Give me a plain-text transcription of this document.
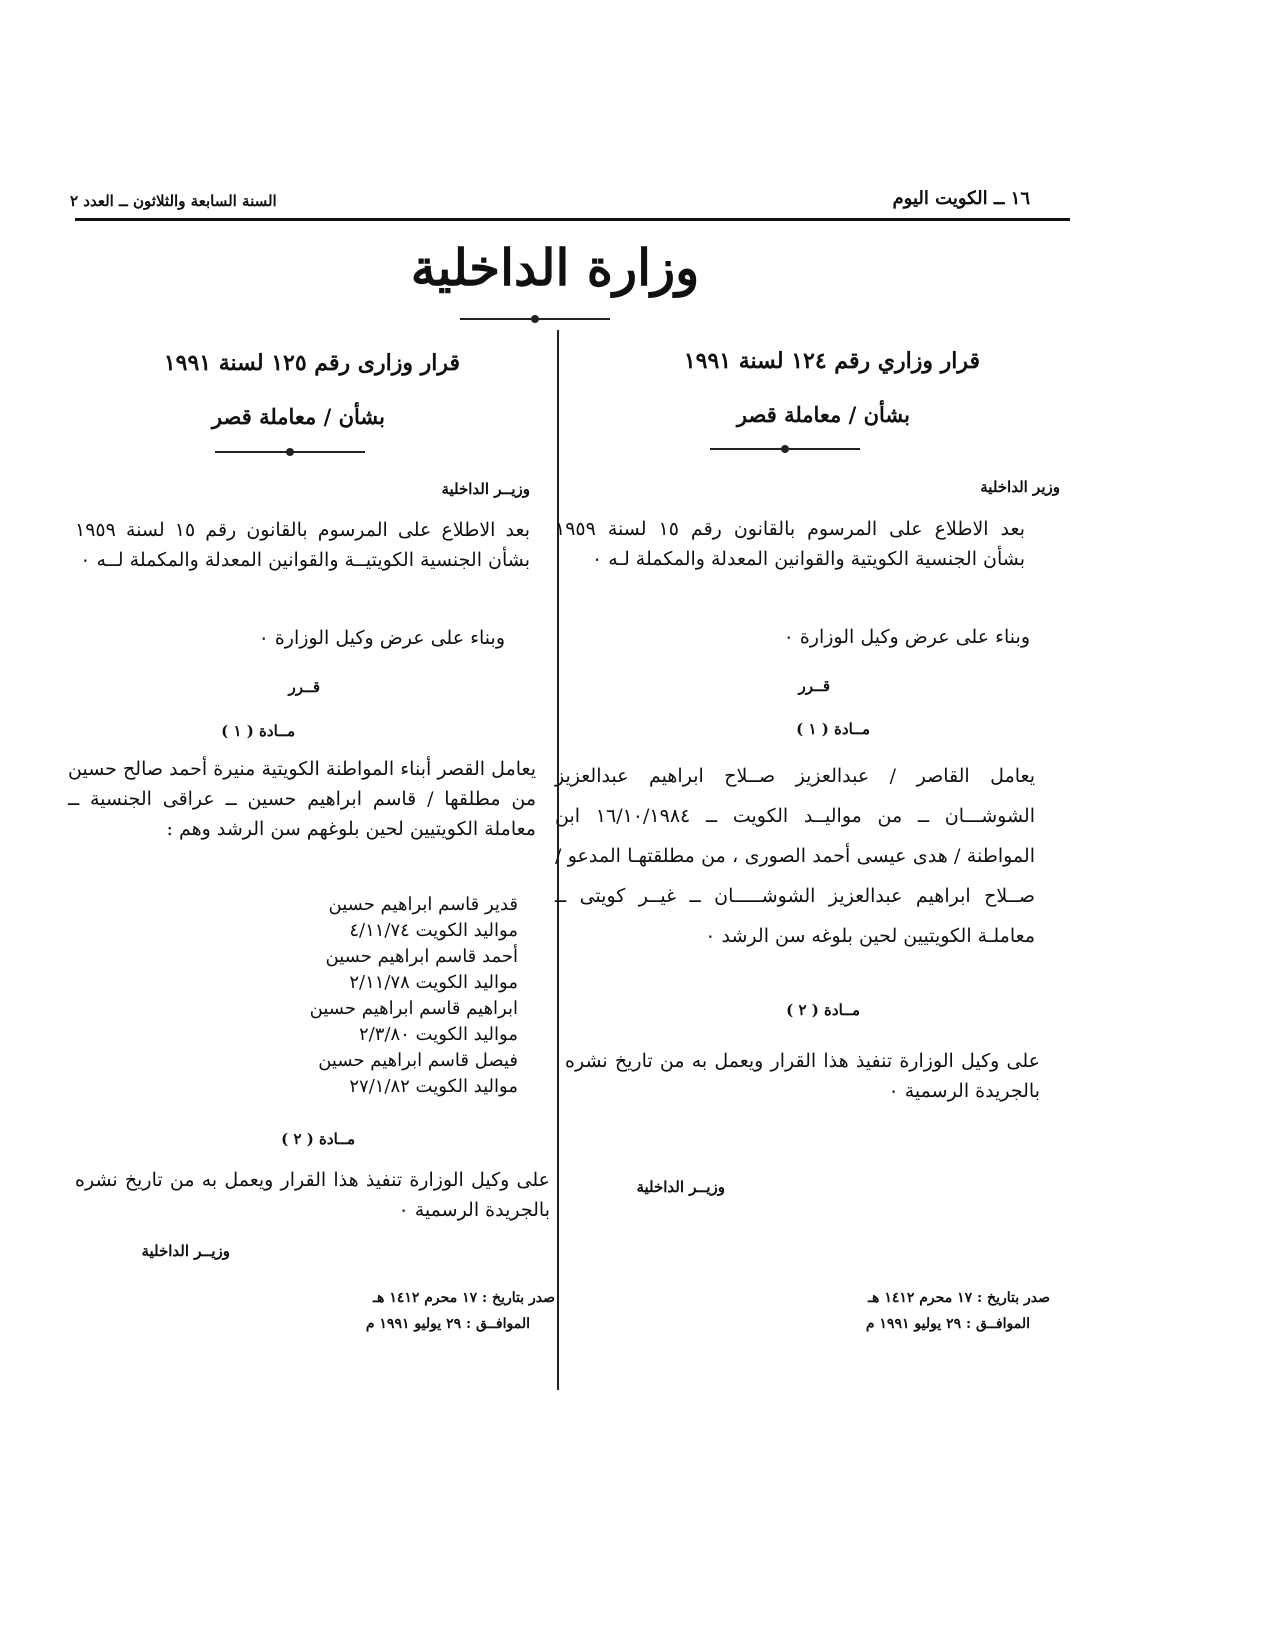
١٦ ــ الكويت اليوم
السنة السابعة والثلاثون ــ العدد ٢
وزارة الداخلية
قرار وزاري رقم ١٢٤ لسنة ١٩٩١
بشأن / معاملة قصر
وزير الداخلية
بعد الاطلاع على المرسوم بالقانون رقم ١٥ لسنة ١٩٥٩ بشأن الجنسية الكويتية والقوانين المعدلة والمكملة لـه ٠
وبناء على عرض وكيل الوزارة ٠
قــرر
مــادة ( ١ )
يعامل القاصر / عبدالعزيز صــلاح ابراهيم عبدالعزيز الشوشـــان ــ من مواليــد الكويت ــ ١٦/١٠/١٩٨٤ ابن المواطنة / هدى عيسى أحمد الصورى ، من مطلقتهـا المدعو / صــلاح ابراهيم عبدالعزيز الشوشـــــان ــ غيــر كويتى ــ معاملـة الكويتيين لحين بلوغه سن الرشد ٠
مــادة ( ٢ )
على وكيل الوزارة تنفيذ هذا القرار ويعمل به من تاريخ نشره بالجريدة الرسمية ٠
وزيــر الداخلية
صدر بتاريخ : ١٧ محرم ١٤١٢ هـ
الموافــق : ٢٩ يوليو ١٩٩١ م
قرار وزارى رقم ١٢٥ لسنة ١٩٩١
بشأن / معاملة قصر
وزيــر الداخلية
بعد الاطلاع على المرسوم بالقانون رقم ١٥ لسنة ١٩٥٩ بشأن الجنسية الكويتيــة والقوانين المعدلة والمكملة لــه ٠
وبناء على عرض وكيل الوزارة ٠
قــرر
مــادة ( ١ )
يعامل القصر أبناء المواطنة الكويتية منيرة أحمد صالح حسين من مطلقها / قاسم ابراهيم حسين ــ عراقى الجنسية ــ معاملة الكويتيين لحين بلوغهم سن الرشد وهم :
قدير قاسم ابراهيم حسين
مواليد الكويت ٤/١١/٧٤
أحمد قاسم ابراهيم حسين
مواليد الكويت ٢/١١/٧٨
ابراهيم قاسم ابراهيم حسين
مواليد الكويت ٢/٣/٨٠
فيصل قاسم ابراهيم حسين
مواليد الكويت ٢٧/١/٨٢
مــادة ( ٢ )
على وكيل الوزارة تنفيذ هذا القرار ويعمل به من تاريخ نشره بالجريدة الرسمية ٠
وزيــر الداخلية
صدر بتاريخ : ١٧ محرم ١٤١٢ هـ
الموافــق : ٢٩ يوليو ١٩٩١ م
